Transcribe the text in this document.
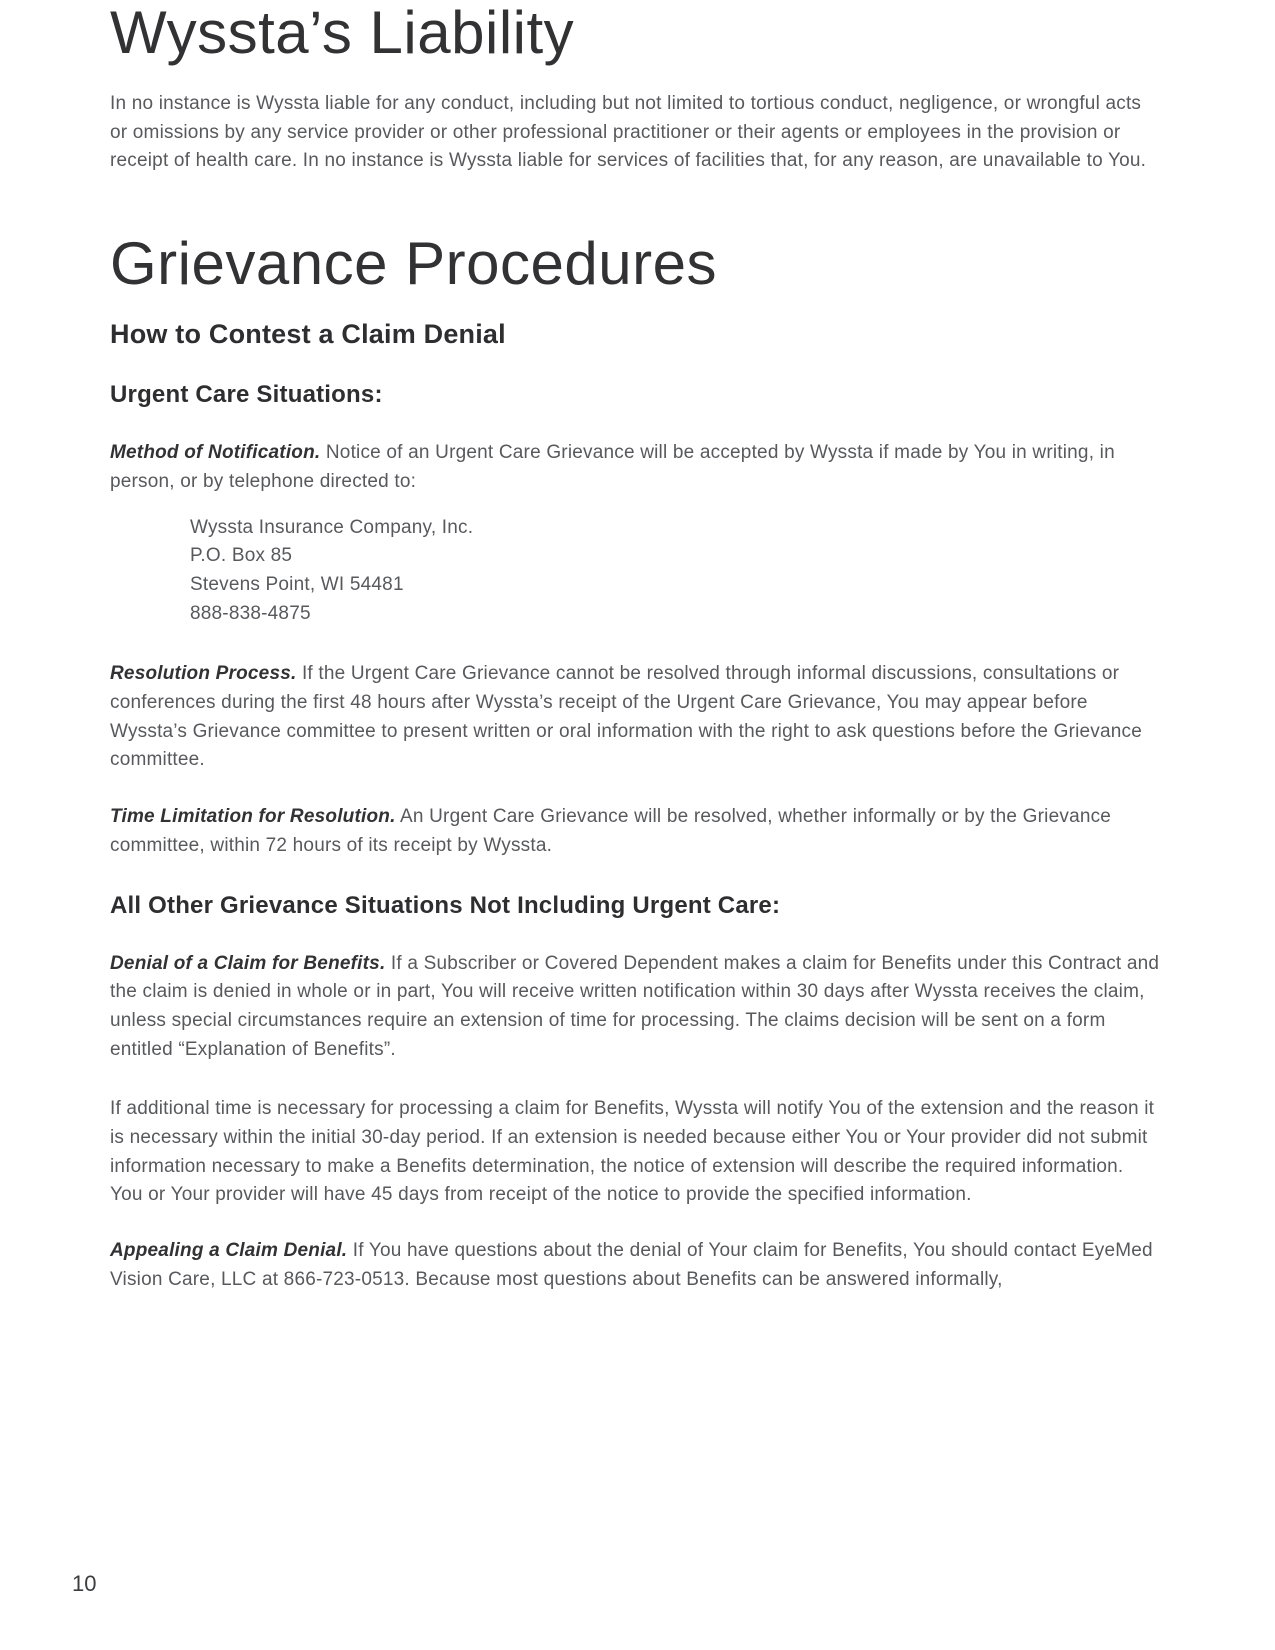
Wyssta’s Liability

In no instance is Wyssta liable for any conduct, including but not limited to tortious conduct, negligence, or wrongful acts or omissions by any service provider or other professional practitioner or their agents or employees in the provision or receipt of health care. In no instance is Wyssta liable for services of facilities that, for any reason, are unavailable to You.

Grievance Procedures
How to Contest a Claim Denial
Urgent Care Situations:

Method of Notification. Notice of an Urgent Care Grievance will be accepted by Wyssta if made by You in writing, in person, or by telephone directed to:

Wyssta Insurance Company, Inc.
P.O. Box 85
Stevens Point, WI 54481
888-838-4875

Resolution Process. If the Urgent Care Grievance cannot be resolved through informal discussions, consultations or conferences during the first 48 hours after Wyssta’s receipt of the Urgent Care Grievance, You may appear before Wyssta’s Grievance committee to present written or oral information with the right to ask questions before the Grievance committee.

Time Limitation for Resolution. An Urgent Care Grievance will be resolved, whether informally or by the Grievance committee, within 72 hours of its receipt by Wyssta.

All Other Grievance Situations Not Including Urgent Care:

Denial of a Claim for Benefits. If a Subscriber or Covered Dependent makes a claim for Benefits under this Contract and the claim is denied in whole or in part, You will receive written notification within 30 days after Wyssta receives the claim, unless special circumstances require an extension of time for processing. The claims decision will be sent on a form entitled “Explanation of Benefits”.

If additional time is necessary for processing a claim for Benefits, Wyssta will notify You of the extension and the reason it is necessary within the initial 30-day period. If an extension is needed because either You or Your provider did not submit information necessary to make a Benefits determination, the notice of extension will describe the required information. You or Your provider will have 45 days from receipt of the notice to provide the specified information.

Appealing a Claim Denial. If You have questions about the denial of Your claim for Benefits, You should contact EyeMed Vision Care, LLC at 866-723-0513. Because most questions about Benefits can be answered informally,

10
